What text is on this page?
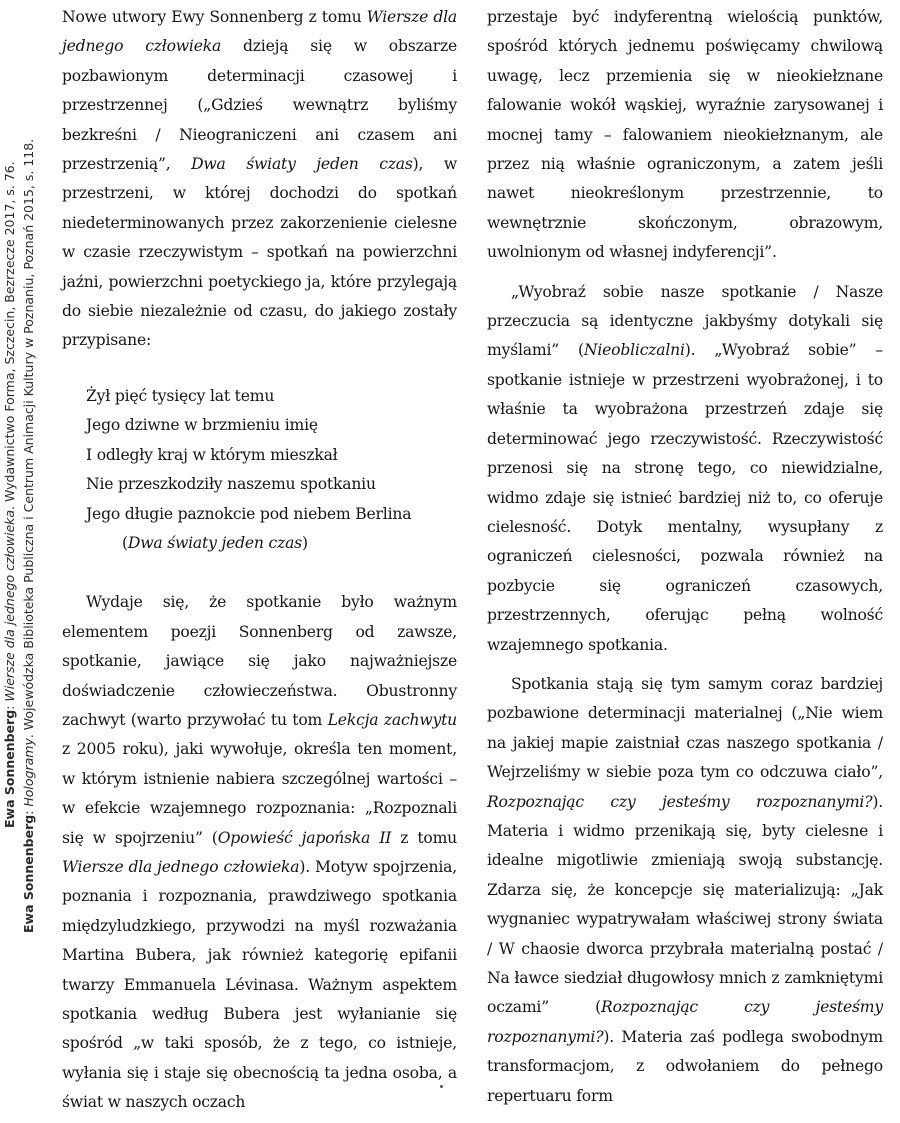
Ewa Sonnenberg: Wiersze dla jednego człowieka. Wydawnictwo Forma, Szczecin, Bezrzecze 2017, s. 76.
Ewa Sonnenberg: Hologramy. Wojewódzka Biblioteka Publiczna i Centrum Animacji Kultury w Poznaniu, Poznań 2015, s. 118.

Nowe utwory Ewy Sonnenberg z tomu Wiersze dla jednego człowieka dzieją się w obszarze pozbawionym determinacji czasowej i przestrzennej („Gdzieś wewnątrz byliśmy bezkreśni / Nieograniczeni ani czasem ani przestrzenią”, Dwa światy jeden czas), w przestrzeni, w której dochodzi do spotkań niedeterminowanych przez zakorzenienie cielesne w czasie rzeczywistym – spotkań na powierzchni jaźni, powierzchni poetyckiego ja, które przylegają do siebie niezależnie od czasu, do jakiego zostały przypisane:

Żył pięć tysięcy lat temu
Jego dziwne w brzmieniu imię
I odległy kraj w którym mieszkał
Nie przeszkodziły naszemu spotkaniu
Jego długie paznokcie pod niebem Berlina
(Dwa światy jeden czas)

Wydaje się, że spotkanie było ważnym elementem poezji Sonnenberg od zawsze, spotkanie, jawiące się jako najważniejsze doświadczenie człowieczeństwa. Obustronny zachwyt (warto przywołać tu tom Lekcja zachwytu z 2005 roku), jaki wywołuje, określa ten moment, w którym istnienie nabiera szczególnej wartości – w efekcie wzajemnego rozpoznania: „Rozpoznali się w spojrzeniu” (Opowieść japońska II z tomu Wiersze dla jednego człowieka). Motyw spojrzenia, poznania i rozpoznania, prawdziwego spotkania międzyludzkiego, przywodzi na myśl rozważania Martina Bubera, jak również kategorię epifanii twarzy Emmanuela Lévinasa. Ważnym aspektem spotkania według Bubera jest wyłanianie się spośród „w taki sposób, że z tego, co istnieje, wyłania się i staje się obecnością ta jedna osoba, a świat w naszych oczach

przestaje być indyferentną wielością punktów, spośród których jednemu poświęcamy chwilową uwagę, lecz przemienia się w nieokiełznane falowanie wokół wąskiej, wyraźnie zarysowanej i mocnej tamy – falowaniem nieokiełznanym, ale przez nią właśnie ograniczonym, a zatem jeśli nawet nieokreślonym przestrzennie, to wewnętrznie skończonym, obrazowym, uwolnionym od własnej indyferencji”.

„Wyobraź sobie nasze spotkanie / Nasze przeczucia są identyczne jakbyśmy dotykali się myślami” (Nieobliczalni). „Wyobraź sobie” – spotkanie istnieje w przestrzeni wyobrażonej, i to właśnie ta wyobrażona przestrzeń zdaje się determinować jego rzeczywistość. Rzeczywistość przenosi się na stronę tego, co niewidzialne, widmo zdaje się istnieć bardziej niż to, co oferuje cielesność. Dotyk mentalny, wysupłany z ograniczeń cielesności, pozwala również na pozbycie się ograniczeń czasowych, przestrzennych, oferując pełną wolność wzajemnego spotkania.

Spotkania stają się tym samym coraz bardziej pozbawione determinacji materialnej („Nie wiem na jakiej mapie zaistniał czas naszego spotkania / Wejrzeliśmy w siebie poza tym co odczuwa ciało”, Rozpoznając czy jesteśmy rozpoznanymi?). Materia i widmo przenikają się, byty cielesne i idealne migotliwie zmieniają swoją substancję. Zdarza się, że koncepcje się materializują: „Jak wygnaniec wypatrywałam właściwej strony świata / W chaosie dworca przybrała materialną postać / Na ławce siedział długowłosy mnich z zamkniętymi oczami” (Rozpoznając czy jesteśmy rozpoznanymi?). Materia zaś podlega swobodnym transformacjom, z odwołaniem do pełnego repertuaru form
